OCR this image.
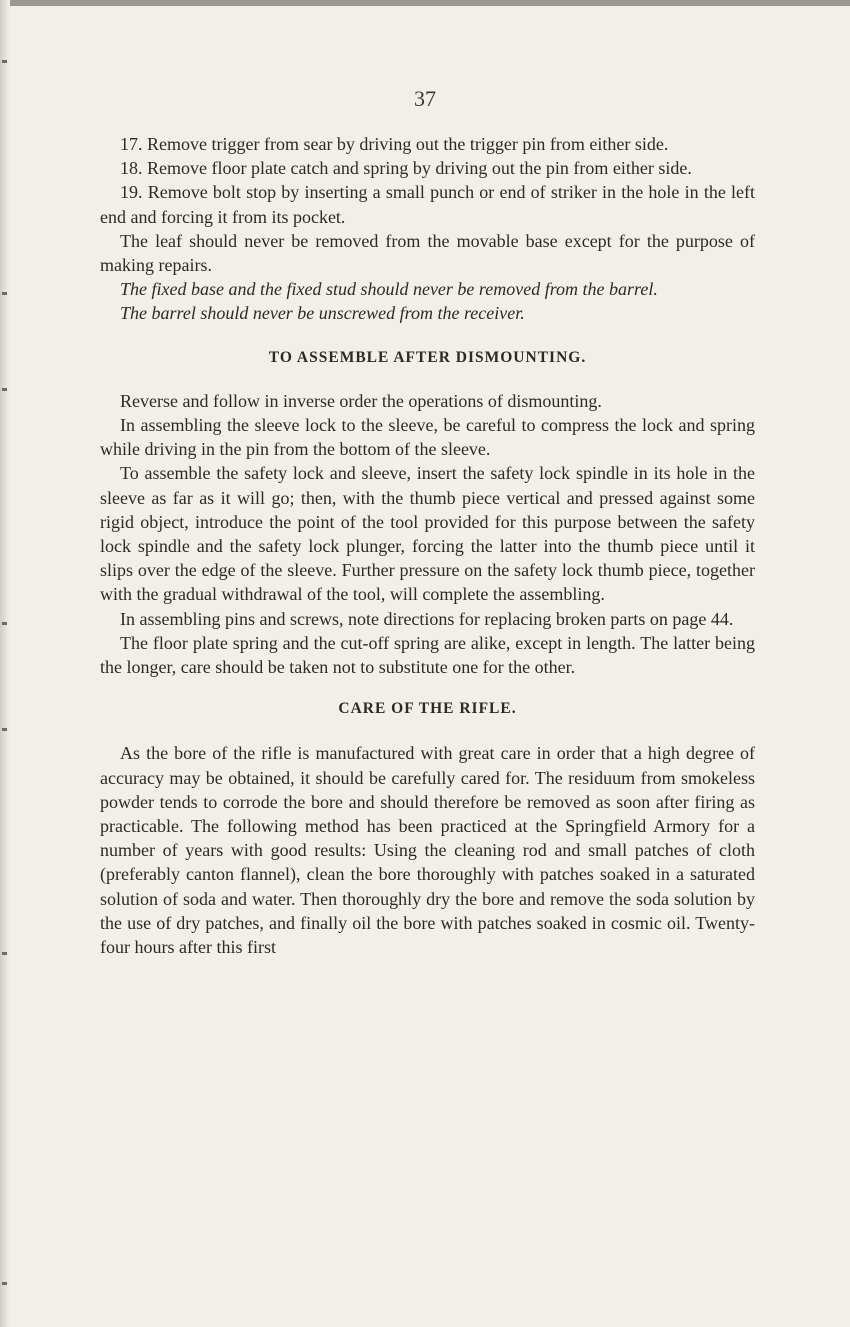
37

17. Remove trigger from sear by driving out the trigger pin from either side.

18. Remove floor plate catch and spring by driving out the pin from either side.

19. Remove bolt stop by inserting a small punch or end of striker in the hole in the left end and forcing it from its pocket.

The leaf should never be removed from the movable base except for the purpose of making repairs.

The fixed base and the fixed stud should never be removed from the barrel.

The barrel should never be unscrewed from the receiver.

TO ASSEMBLE AFTER DISMOUNTING.

Reverse and follow in inverse order the operations of dismounting.

In assembling the sleeve lock to the sleeve, be careful to compress the lock and spring while driving in the pin from the bottom of the sleeve.

To assemble the safety lock and sleeve, insert the safety lock spindle in its hole in the sleeve as far as it will go; then, with the thumb piece vertical and pressed against some rigid object, introduce the point of the tool provided for this purpose between the safety lock spindle and the safety lock plunger, forcing the latter into the thumb piece until it slips over the edge of the sleeve. Further pressure on the safety lock thumb piece, together with the gradual withdrawal of the tool, will complete the assembling.

In assembling pins and screws, note directions for replacing broken parts on page 44.

The floor plate spring and the cut-off spring are alike, except in length. The latter being the longer, care should be taken not to substitute one for the other.

CARE OF THE RIFLE.

As the bore of the rifle is manufactured with great care in order that a high degree of accuracy may be obtained, it should be carefully cared for. The residuum from smokeless powder tends to corrode the bore and should therefore be removed as soon after firing as practicable. The following method has been practiced at the Springfield Armory for a number of years with good results: Using the cleaning rod and small patches of cloth (preferably canton flannel), clean the bore thoroughly with patches soaked in a saturated solution of soda and water. Then thoroughly dry the bore and remove the soda solution by the use of dry patches, and finally oil the bore with patches soaked in cosmic oil. Twenty-four hours after this first
